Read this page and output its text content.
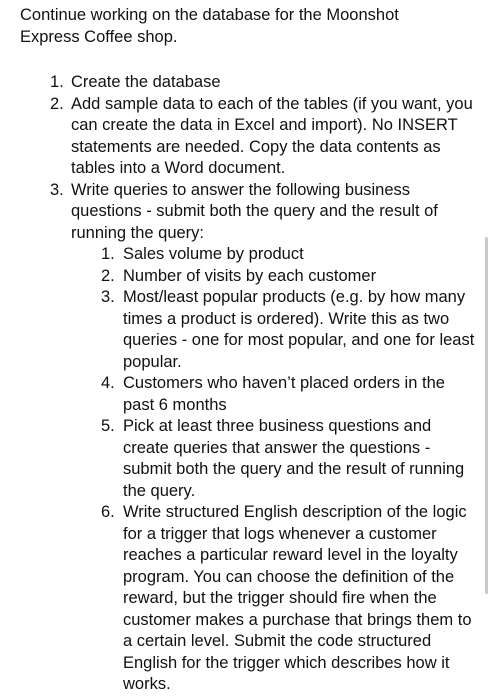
Continue working on the database for the Moonshot Express Coffee shop.

1. Create the database
2. Add sample data to each of the tables (if you want, you can create the data in Excel and import). No INSERT statements are needed. Copy the data contents as tables into a Word document.
3. Write queries to answer the following business questions - submit both the query and the result of running the query:
1. Sales volume by product
2. Number of visits by each customer
3. Most/least popular products (e.g. by how many times a product is ordered). Write this as two queries - one for most popular, and one for least popular.
4. Customers who haven’t placed orders in the past 6 months
5. Pick at least three business questions and create queries that answer the questions - submit both the query and the result of running the query.
6. Write structured English description of the logic for a trigger that logs whenever a customer reaches a particular reward level in the loyalty program. You can choose the definition of the reward, but the trigger should fire when the customer makes a purchase that brings them to a certain level. Submit the code structured English for the trigger which describes how it works.
